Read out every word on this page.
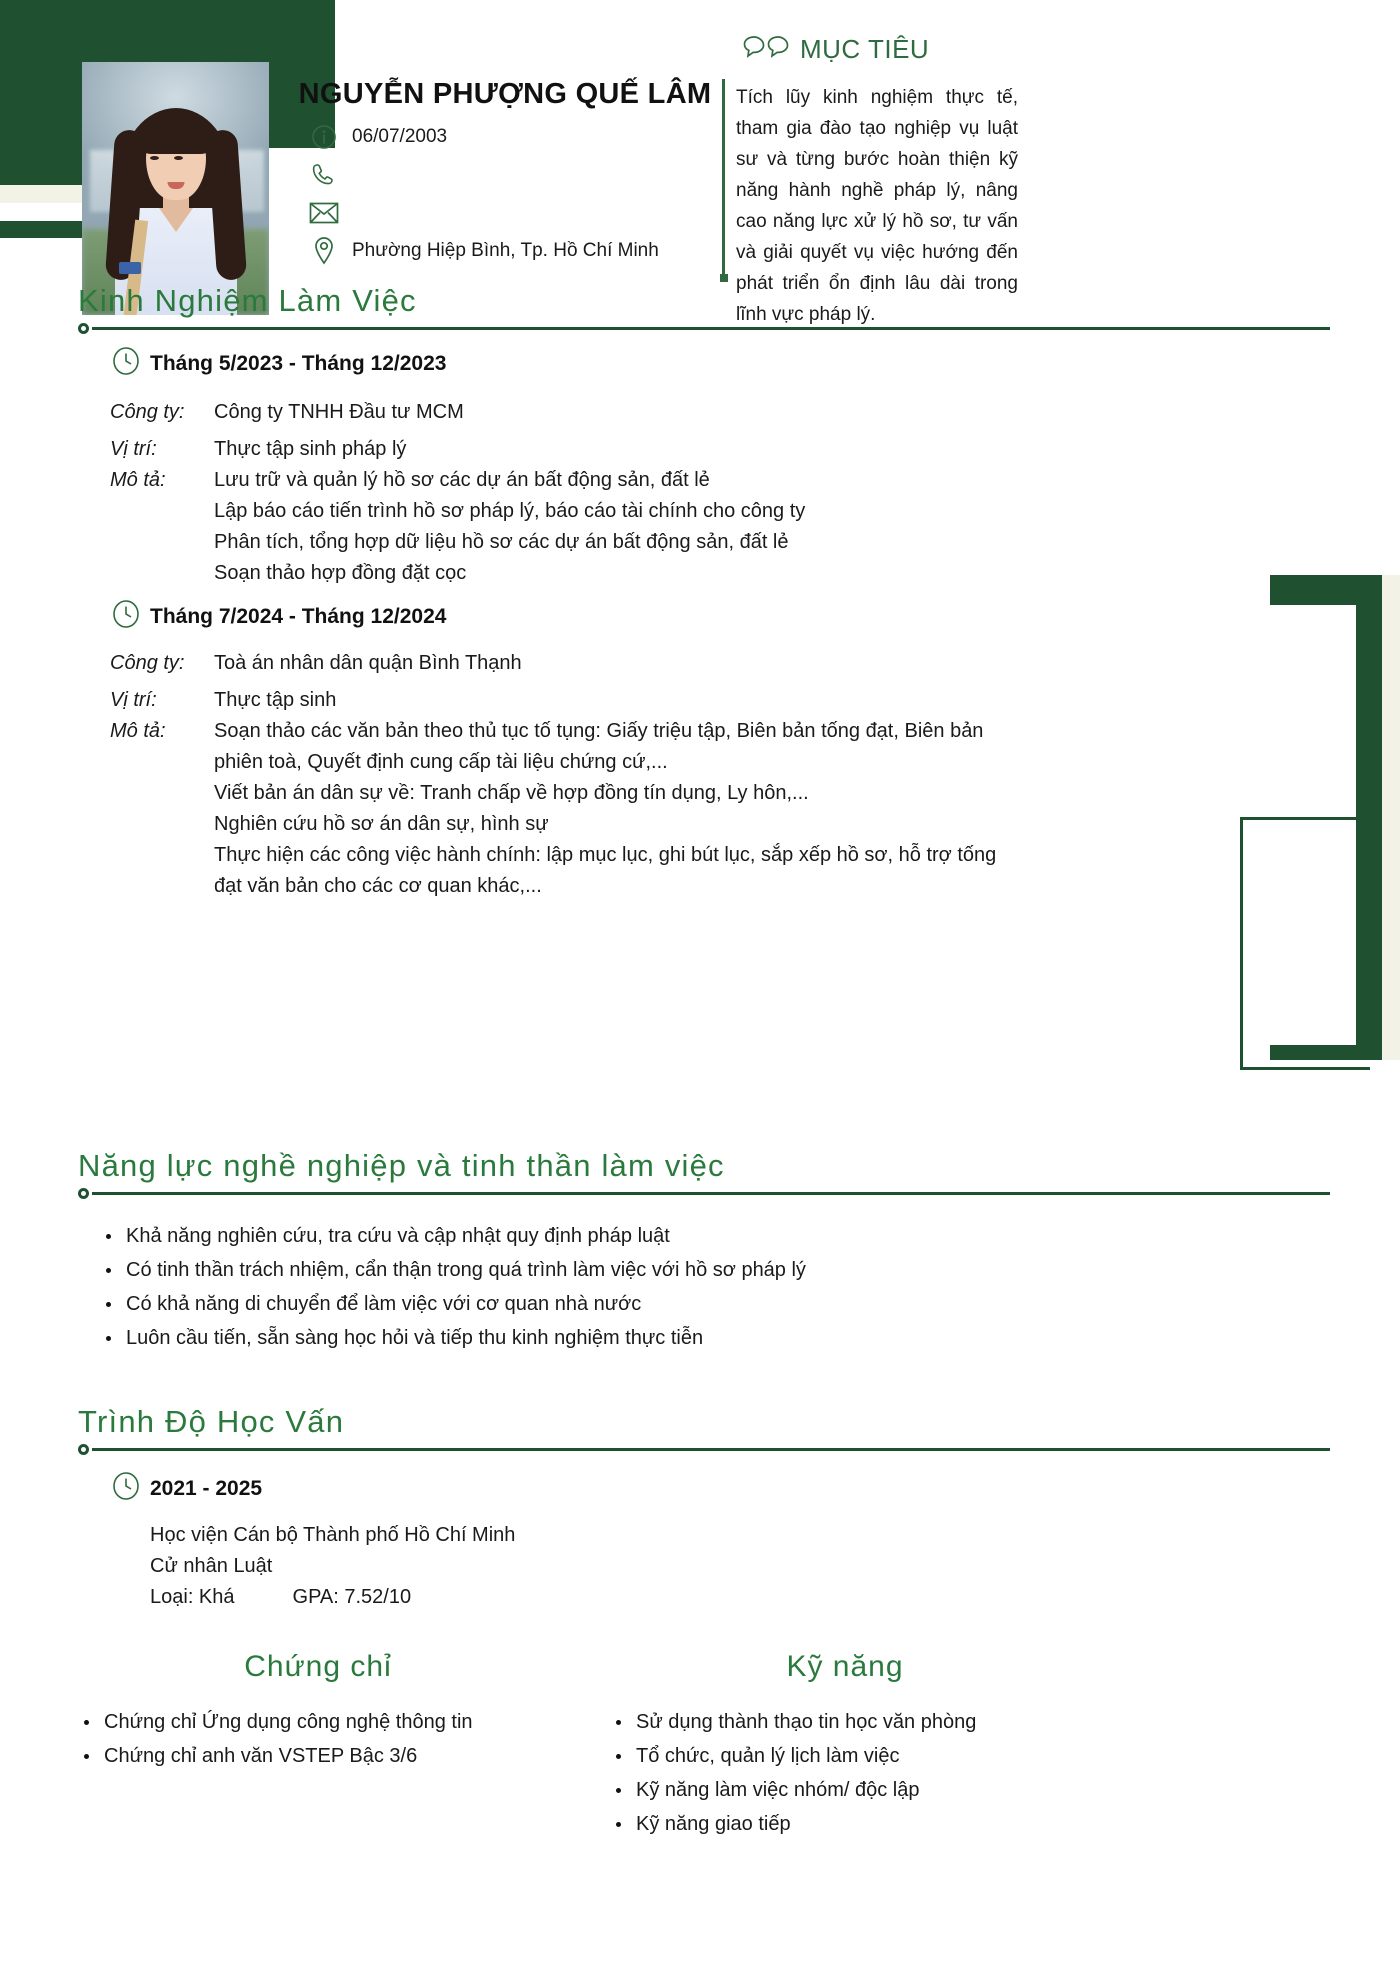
NGUYỄN PHƯỢNG QUẾ LÂM
06/07/2003
Phường Hiệp Bình, Tp. Hồ Chí Minh
MỤC TIÊU
Tích lũy kinh nghiệm thực tế, tham gia đào tạo nghiệp vụ luật sư và từng bước hoàn thiện kỹ năng hành nghề pháp lý, nâng cao năng lực xử lý hồ sơ, tư vấn và giải quyết vụ việc hướng đến phát triển ổn định lâu dài trong lĩnh vực pháp lý.
Kinh Nghiệm Làm Việc
Tháng 5/2023 - Tháng 12/2023
Công ty:	Công ty TNHH Đầu tư MCM
Vị trí:	Thực tập sinh pháp lý
Mô tả:	Lưu trữ và quản lý hồ sơ các dự án bất động sản, đất lẻ
Lập báo cáo tiến trình hồ sơ pháp lý, báo cáo tài chính cho công ty
Phân tích, tổng hợp dữ liệu hồ sơ các dự án bất động sản, đất lẻ
Soạn thảo hợp đồng đặt cọc
Tháng 7/2024 - Tháng 12/2024
Công ty:	Toà án nhân dân quận Bình Thạnh
Vị trí:	Thực tập sinh
Mô tả:	Soạn thảo các văn bản theo thủ tục tố tụng: Giấy triệu tập, Biên bản tống đạt, Biên bản phiên toà, Quyết định cung cấp tài liệu chứng cứ,...
Viết bản án dân sự về: Tranh chấp về hợp đồng tín dụng, Ly hôn,...
Nghiên cứu hồ sơ án dân sự, hình sự
Thực hiện các công việc hành chính: lập mục lục, ghi bút lục, sắp xếp hồ sơ, hỗ trợ tống đạt văn bản cho các cơ quan khác,...
Năng lực nghề nghiệp và tinh thần làm việc
Khả năng nghiên cứu, tra cứu và cập nhật quy định pháp luật
Có tinh thần trách nhiệm, cẩn thận trong quá trình làm việc với hồ sơ pháp lý
Có khả năng di chuyển để làm việc với cơ quan nhà nước
Luôn cầu tiến, sẵn sàng học hỏi và tiếp thu kinh nghiệm thực tiễn
Trình Độ Học Vấn
2021 - 2025
Học viện Cán bộ Thành phố Hồ Chí Minh
Cử nhân Luật
Loại: Khá	GPA: 7.52/10
Chứng chỉ
Chứng chỉ Ứng dụng công nghệ thông tin
Chứng chỉ anh văn VSTEP Bậc 3/6
Kỹ năng
Sử dụng thành thạo tin học văn phòng
Tổ chức, quản lý lịch làm việc
Kỹ năng làm việc nhóm/ độc lập
Kỹ năng giao tiếp
